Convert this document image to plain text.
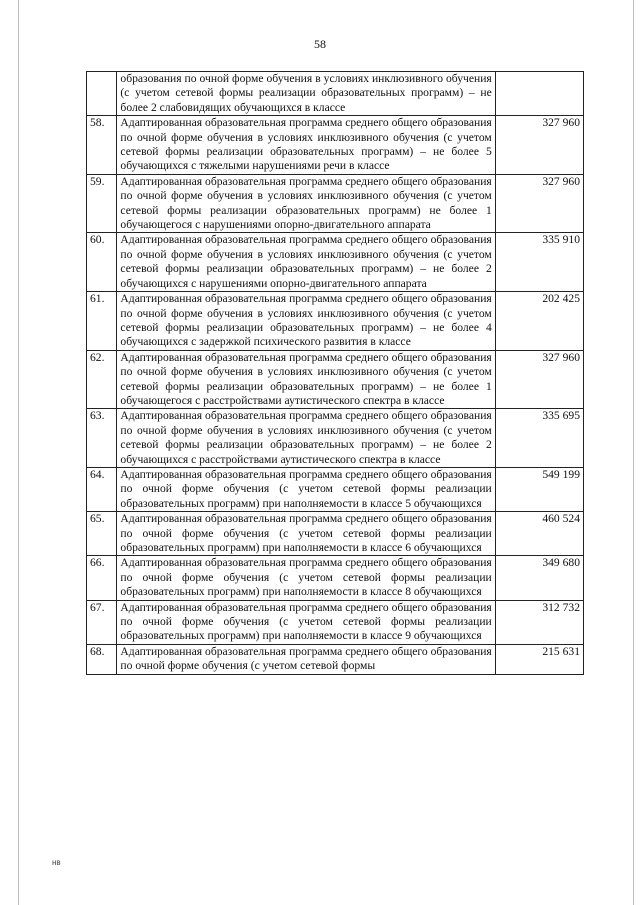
58
	образования по очной форме обучения в условиях инклюзивного обучения (с учетом сетевой формы реализации образовательных программ) – не более 2 слабовидящих обучающихся в классе	
58.	Адаптированная образовательная программа среднего общего образования по очной форме обучения в условиях инклюзивного обучения (с учетом сетевой формы реализации образовательных программ) – не более 5 обучающихся с тяжелыми нарушениями речи в классе	327 960
59.	Адаптированная образовательная программа среднего общего образования по очной форме обучения в условиях инклюзивного обучения (с учетом сетевой формы реализации образовательных программ) не более 1 обучающегося с нарушениями опорно-двигательного аппарата	327 960
60.	Адаптированная образовательная программа среднего общего образования по очной форме обучения в условиях инклюзивного обучения (с учетом сетевой формы реализации образовательных программ) – не более 2 обучающихся с нарушениями опорно-двигательного аппарата	335 910
61.	Адаптированная образовательная программа среднего общего образования по очной форме обучения в условиях инклюзивного обучения (с учетом сетевой формы реализации образовательных программ) – не более 4 обучающихся с задержкой психического развития в классе	202 425
62.	Адаптированная образовательная программа среднего общего образования по очной форме обучения в условиях инклюзивного обучения (с учетом сетевой формы реализации образовательных программ) – не более 1 обучающегося с расстройствами аутистического спектра в классе	327 960
63.	Адаптированная образовательная программа среднего общего образования по очной форме обучения в условиях инклюзивного обучения (с учетом сетевой формы реализации образовательных программ) – не более 2 обучающихся с расстройствами аутистического спектра в классе	335 695
64.	Адаптированная образовательная программа среднего общего образования по очной форме обучения (с учетом сетевой формы реализации образовательных программ) при наполняемости в классе 5 обучающихся	549 199
65.	Адаптированная образовательная программа среднего общего образования по очной форме обучения (с учетом сетевой формы реализации образовательных программ) при наполняемости в классе 6 обучающихся	460 524
66.	Адаптированная образовательная программа среднего общего образования по очной форме обучения (с учетом сетевой формы реализации образовательных программ) при наполняемости в классе 8 обучающихся	349 680
67.	Адаптированная образовательная программа среднего общего образования по очной форме обучения (с учетом сетевой формы реализации образовательных программ) при наполняемости в классе 9 обучающихся	312 732
68.	Адаптированная образовательная программа среднего общего образования по очной форме обучения (с учетом сетевой формы	215 631
нв
